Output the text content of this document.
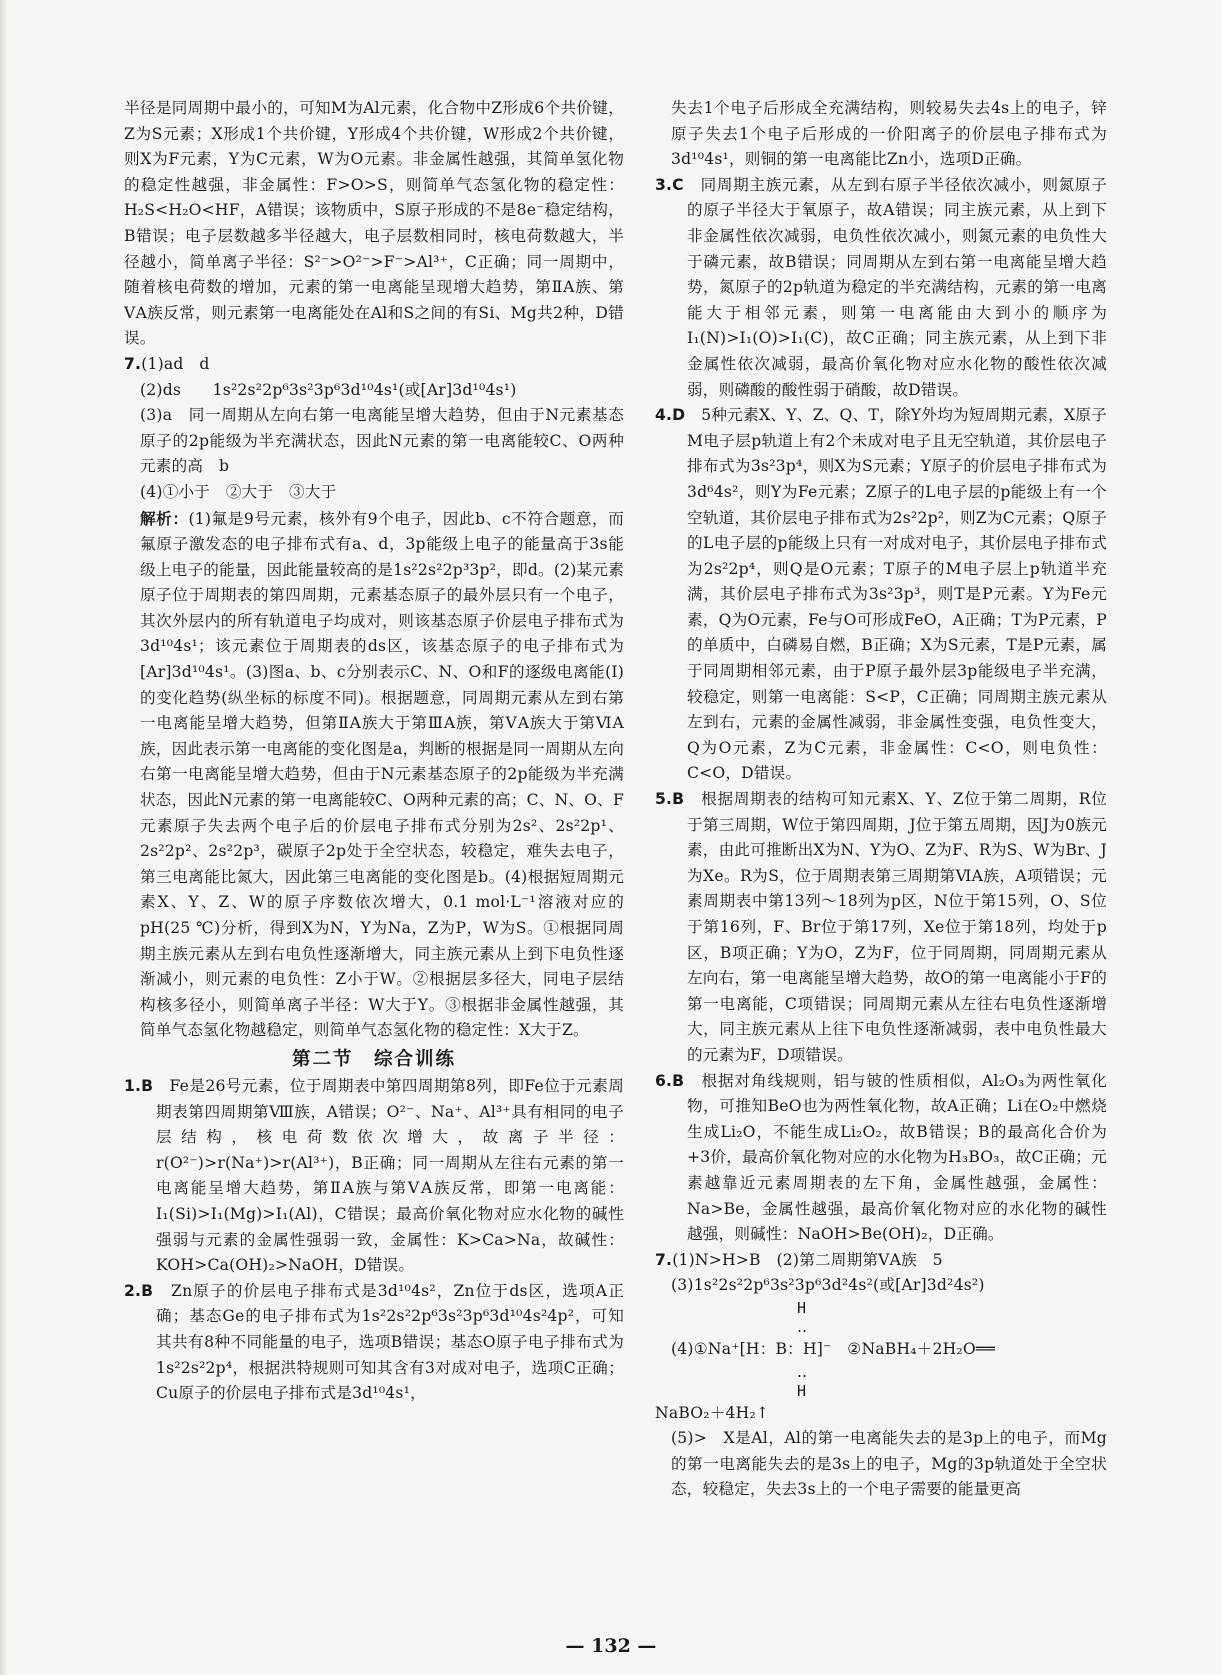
半径是同周期中最小的，可知M为Al元素，化合物中Z形成6个共价键，Z为S元素；X形成1个共价键，Y形成4个共价键，W形成2个共价键，则X为F元素，Y为C元素，W为O元素。非金属性越强，其简单氢化物的稳定性越强，非金属性：F>O>S，则简单气态氢化物的稳定性：H₂S<H₂O<HF，A错误；该物质中，S原子形成的不是8e⁻稳定结构，B错误；电子层数越多半径越大，电子层数相同时，核电荷数越大，半径越小，简单离子半径：S²⁻>O²⁻>F⁻>Al³⁺，C正确；同一周期中，随着核电荷数的增加，元素的第一电离能呈现增大趋势，第ⅡA族、第ⅤA族反常，则元素第一电离能处在Al和S之间的有Si、Mg共2种，D错误。

7.(1)ad　d

(2)ds　　1s²2s²2p⁶3s²3p⁶3d¹⁰4s¹(或[Ar]3d¹⁰4s¹)

(3)a　同一周期从左向右第一电离能呈增大趋势，但由于N元素基态原子的2p能级为半充满状态，因此N元素的第一电离能较C、O两种元素的高　b

(4)①小于　②大于　③大于

解析：(1)氟是9号元素，核外有9个电子，因此b、c不符合题意，而氟原子激发态的电子排布式有a、d，3p能级上电子的能量高于3s能级上电子的能量，因此能量较高的是1s²2s²2p³3p²，即d。(2)某元素原子位于周期表的第四周期，元素基态原子的最外层只有一个电子，其次外层内的所有轨道电子均成对，则该基态原子价层电子排布式为3d¹⁰4s¹；该元素位于周期表的ds区，该基态原子的电子排布式为[Ar]3d¹⁰4s¹。(3)图a、b、c分别表示C、N、O和F的逐级电离能(I)的变化趋势(纵坐标的标度不同)。根据题意，同周期元素从左到右第一电离能呈增大趋势，但第ⅡA族大于第ⅢA族，第ⅤA族大于第ⅥA族，因此表示第一电离能的变化图是a，判断的根据是同一周期从左向右第一电离能呈增大趋势，但由于N元素基态原子的2p能级为半充满状态，因此N元素的第一电离能较C、O两种元素的高；C、N、O、F元素原子失去两个电子后的价层电子排布式分别为2s²、2s²2p¹、2s²2p²、2s²2p³，碳原子2p处于全空状态，较稳定，难失去电子，第三电离能比氮大，因此第三电离能的变化图是b。(4)根据短周期元素X、Y、Z、W的原子序数依次增大，0.1 mol·L⁻¹溶液对应的pH(25 ℃)分析，得到X为N，Y为Na，Z为P，W为S。①根据同周期主族元素从左到右电负性逐渐增大，同主族元素从上到下电负性逐渐减小，则元素的电负性：Z小于W。②根据层多径大，同电子层结构核多径小，则简单离子半径：W大于Y。③根据非金属性越强，其简单气态氢化物越稳定，则简单气态氢化物的稳定性：X大于Z。

第二节　综合训练

1.B　 Fe是26号元素，位于周期表中第四周期第8列，即Fe位于元素周期表第四周期第Ⅷ族，A错误；O²⁻、Na⁺、Al³⁺具有相同的电子层结构，核电荷数依次增大，故离子半径：r(O²⁻)>r(Na⁺)>r(Al³⁺)，B正确；同一周期从左往右元素的第一电离能呈增大趋势，第ⅡA族与第ⅤA族反常，即第一电离能：I₁(Si)>I₁(Mg)>I₁(Al)，C错误；最高价氧化物对应水化物的碱性强弱与元素的金属性强弱一致，金属性：K>Ca>Na，故碱性：KOH>Ca(OH)₂>NaOH，D错误。

2.B　 Zn原子的价层电子排布式是3d¹⁰4s²，Zn位于ds区，选项A正确；基态Ge的电子排布式为1s²2s²2p⁶3s²3p⁶3d¹⁰4s²4p²，可知其共有8种不同能量的电子，选项B错误；基态O原子电子排布式为1s²2s²2p⁴，根据洪特规则可知其含有3对成对电子，选项C正确；Cu原子的价层电子排布式是3d¹⁰4s¹，

失去1个电子后形成全充满结构，则较易失去4s上的电子，锌原子失去1个电子后形成的一价阳离子的价层电子排布式为3d¹⁰4s¹，则铜的第一电离能比Zn小，选项D正确。

3.C　 同周期主族元素，从左到右原子半径依次减小，则氮原子的原子半径大于氧原子，故A错误；同主族元素，从上到下非金属性依次减弱，电负性依次减小，则氮元素的电负性大于磷元素，故B错误；同周期从左到右第一电离能呈增大趋势，氮原子的2p轨道为稳定的半充满结构，元素的第一电离能大于相邻元素，则第一电离能由大到小的顺序为I₁(N)>I₁(O)>I₁(C)，故C正确；同主族元素，从上到下非金属性依次减弱，最高价氧化物对应水化物的酸性依次减弱，则磷酸的酸性弱于硝酸，故D错误。

4.D　 5种元素X、Y、Z、Q、T，除Y外均为短周期元素，X原子M电子层p轨道上有2个未成对电子且无空轨道，其价层电子排布式为3s²3p⁴，则X为S元素；Y原子的价层电子排布式为3d⁶4s²，则Y为Fe元素；Z原子的L电子层的p能级上有一个空轨道，其价层电子排布式为2s²2p²，则Z为C元素；Q原子的L电子层的p能级上只有一对成对电子，其价层电子排布式为2s²2p⁴，则Q是O元素；T原子的M电子层上p轨道半充满，其价层电子排布式为3s²3p³，则T是P元素。Y为Fe元素，Q为O元素，Fe与O可形成FeO，A正确；T为P元素，P的单质中，白磷易自燃，B正确；X为S元素，T是P元素，属于同周期相邻元素，由于P原子最外层3p能级电子半充满，较稳定，则第一电离能：S<P，C正确；同周期主族元素从左到右，元素的金属性减弱，非金属性变强，电负性变大，Q为O元素，Z为C元素，非金属性：C<O，则电负性：C<O，D错误。

5.B　 根据周期表的结构可知元素X、Y、Z位于第二周期，R位于第三周期，W位于第四周期，J位于第五周期，因J为0族元素，由此可推断出X为N、Y为O、Z为F、R为S、W为Br、J为Xe。R为S，位于周期表第三周期第ⅥA族，A项错误；元素周期表中第13列～18列为p区，N位于第15列，O、S位于第16列，F、Br位于第17列，Xe位于第18列，均处于p区，B项正确；Y为O，Z为F，位于同周期，同周期元素从左向右，第一电离能呈增大趋势，故O的第一电离能小于F的第一电离能，C项错误；同周期元素从左往右电负性逐渐增大，同主族元素从上往下电负性逐渐减弱，表中电负性最大的元素为F，D项错误。

6.B　 根据对角线规则，铝与铍的性质相似，Al₂O₃为两性氧化物，可推知BeO也为两性氧化物，故A正确；Li在O₂中燃烧生成Li₂O，不能生成Li₂O₂，故B错误；B的最高化合价为+3价，最高价氧化物对应的水化物为H₃BO₃，故C正确；元素越靠近元素周期表的左下角，金属性越强，金属性：Na>Be，金属性越强，最高价氧化物对应的水化物的碱性越强，则碱性：NaOH>Be(OH)₂，D正确。

7.(1)N>H>B　(2)第二周期第ⅤA族　5

(3)1s²2s²2p⁶3s²3p⁶3d²4s²(或[Ar]3d²4s²)

H
‥

(4)①Na⁺[H：B：H]⁻　②NaBH₄＋2H₂O══

‥
H

NaBO₂＋4H₂↑

(5)>　X是Al，Al的第一电离能失去的是3p上的电子，而Mg的第一电离能失去的是3s上的电子，Mg的3p轨道处于全空状态，较稳定，失去3s上的一个电子需要的能量更高

— 132 —
